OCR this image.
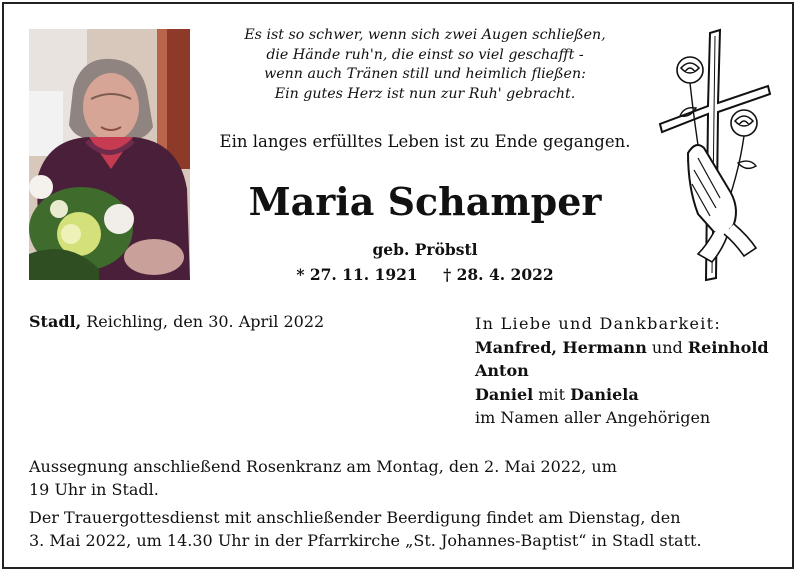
Es ist so schwer, wenn sich zwei Augen schließen,
die Hände ruh'n, die einst so viel geschafft -
wenn auch Tränen still und heimlich fließen:
Ein gutes Herz ist nun zur Ruh' gebracht.
Ein langes erfülltes Leben ist zu Ende gegangen.
Maria Schamper
geb. Pröbstl
* 27. 11. 1921 † 28. 4. 2022
Stadl, Reichling, den 30. April 2022	In Liebe und Dankbarkeit:
Manfred, Hermann und Reinhold
Anton
Daniel mit Daniela
im Namen aller Angehörigen
Aussegnung anschließend Rosenkranz am Montag, den 2. Mai 2022, um
19 Uhr in Stadl.
Der Trauergottesdienst mit anschließender Beerdigung findet am Dienstag, den
3. Mai 2022, um 14.30 Uhr in der Pfarrkirche „St. Johannes-Baptist“ in Stadl statt.
